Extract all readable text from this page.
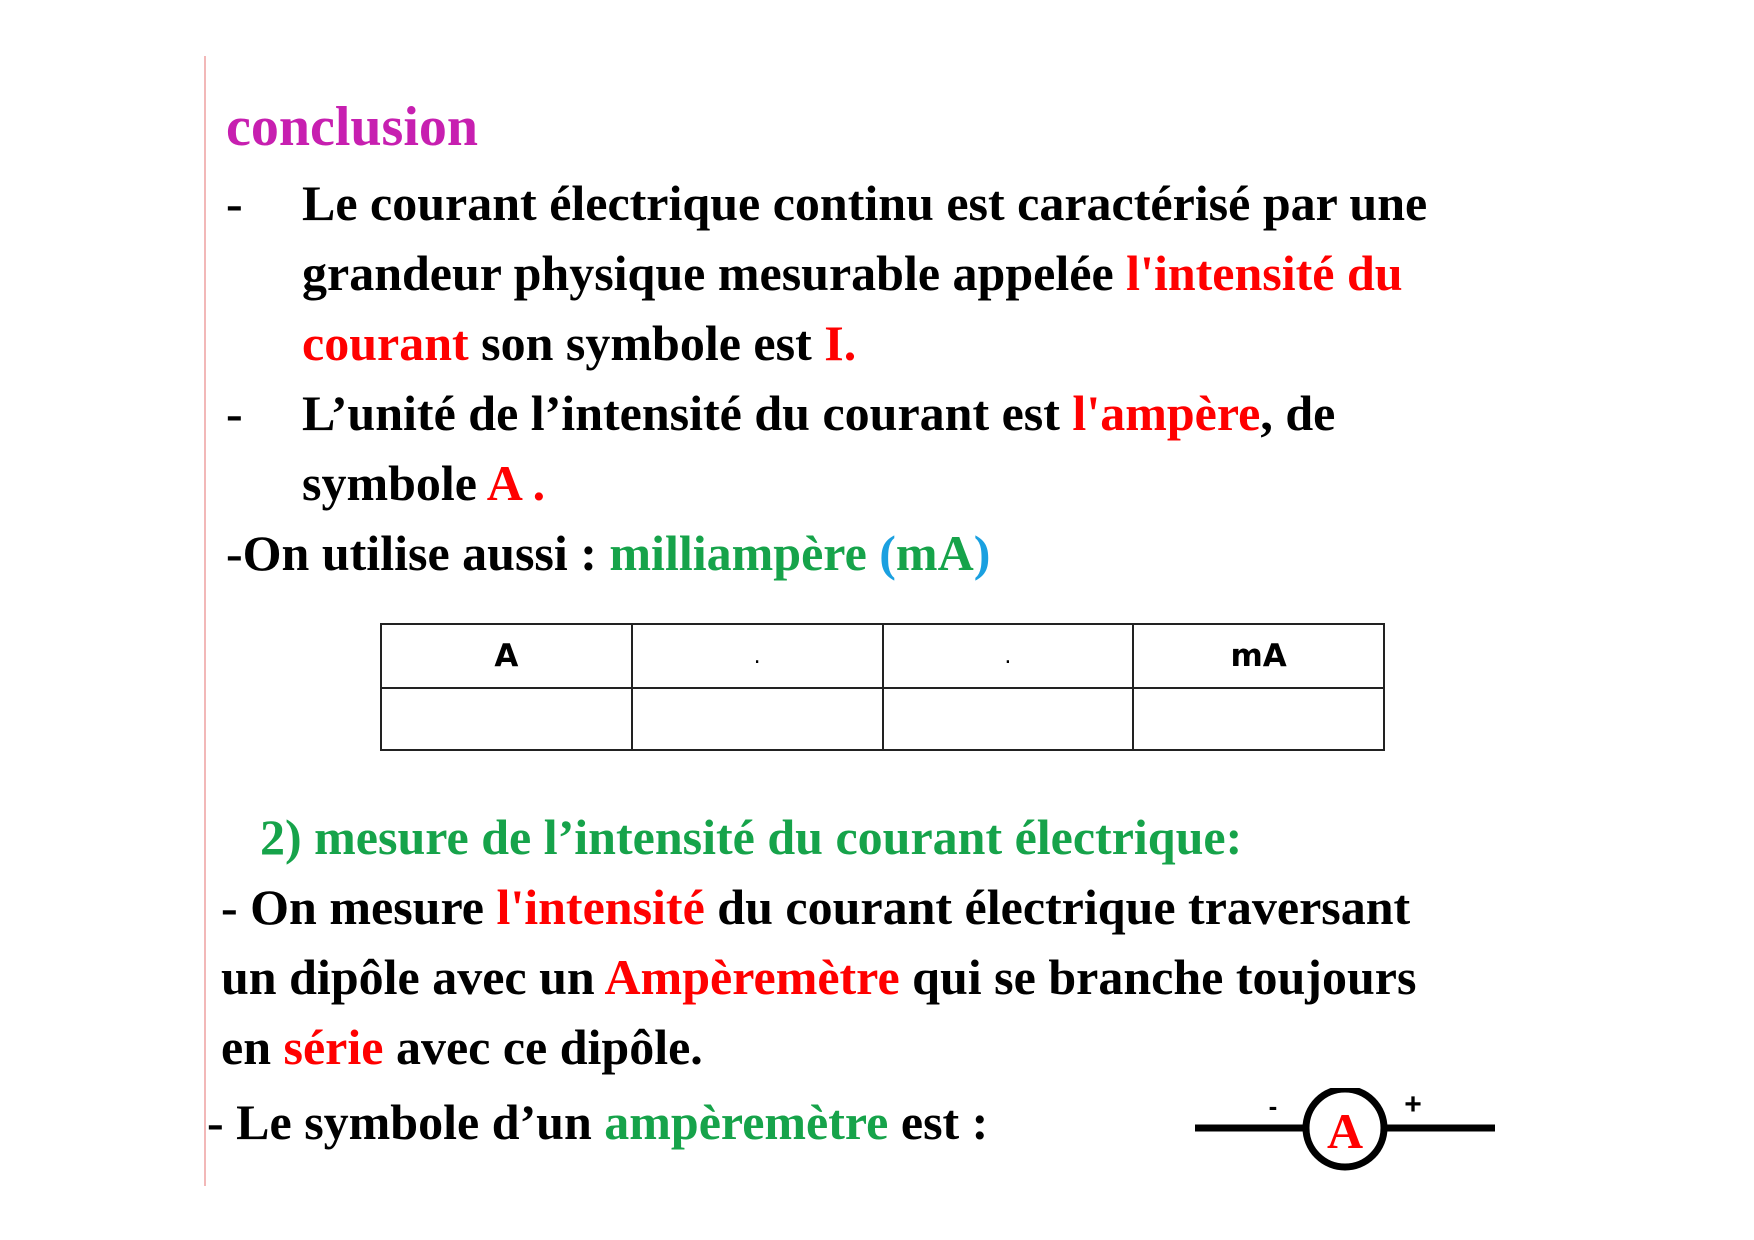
conclusion
- Le courant électrique continu est caractérisé par une
grandeur physique mesurable appelée l'intensité du
courant son symbole est I.
- L’unité de l’intensité du courant est l'ampère, de
symbole A .
-On utilise aussi : milliampère (mA)
A	.	.	mA

2) mesure de l’intensité du courant électrique:
- On mesure l'intensité du courant électrique traversant
un dipôle avec un Ampèremètre qui se branche toujours
en série avec ce dipôle.
- Le symbole d’un ampèremètre est :	A
-	+
